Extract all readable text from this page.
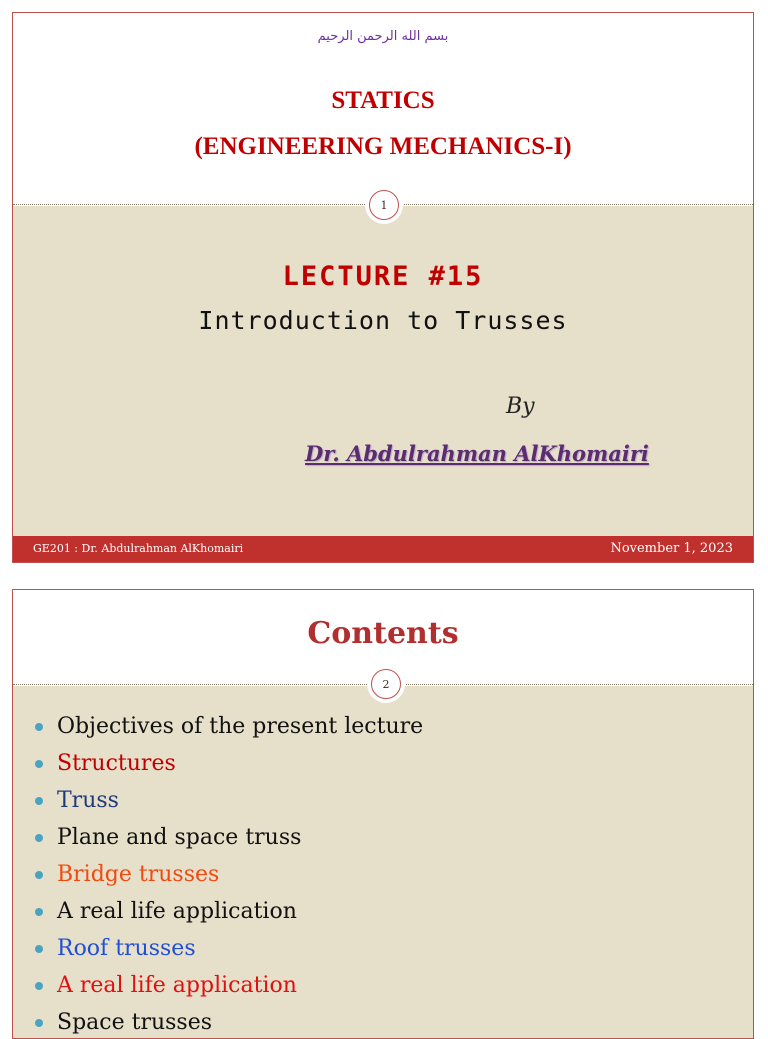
بسم الله الرحمن الرحيم
STATICS
(ENGINEERING MECHANICS-I)
LECTURE #15
Introduction to Trusses
By
Dr. Abdulrahman AlKhomairi
1
GE201 : Dr. Abdulrahman AlKhomairi	November 1, 2023
Contents
2
Objectives of the present lecture
Structures
Truss
Plane and space truss
Bridge trusses
A real life application
Roof trusses
A real life application
Space trusses
